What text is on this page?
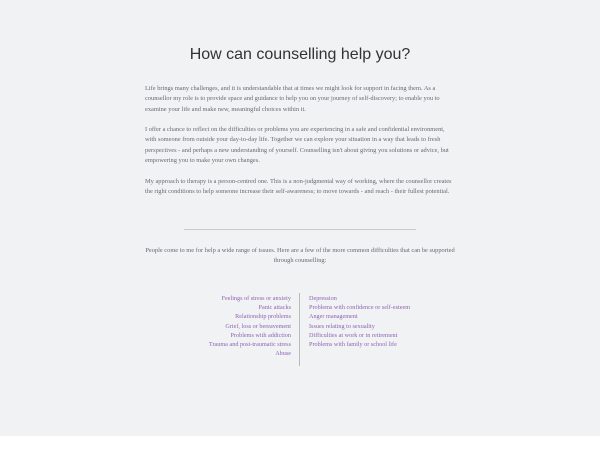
How can counselling help you?

Life brings many challenges, and it is understandable that at times we might look for support in facing them. As a counsellor my role is to provide space and guidance to help you on your journey of self-discovery; to enable you to examine your life and make new, meaningful choices within it.

I offer a chance to reflect on the difficulties or problems you are experiencing in a safe and confidential environment, with someone from outside your day-to-day life. Together we can explore your situation in a way that leads to fresh perspectives - and perhaps a new understanding of yourself. Counselling isn't about giving you solutions or advice, but empowering you to make your own changes.

My approach to therapy is a person-centred one. This is a non-judgmental way of working, where the counsellor creates the right conditions to help someone increase their self-awareness; to move towards - and reach - their fullest potential.

People come to me for help a wide range of issues. Here are a few of the more common difficulties that can be supported through counselling:
Feelings of stress or anxiety
Panic attacks
Relationship problems
Grief, loss or bereavement
Problems with addiction
Trauma and post-traumatic stress
Abuse
Depression
Problems with confidence or self-esteem
Anger management
Issues relating to sexuality
Difficulties at work or in retirement
Problems with family or school life
